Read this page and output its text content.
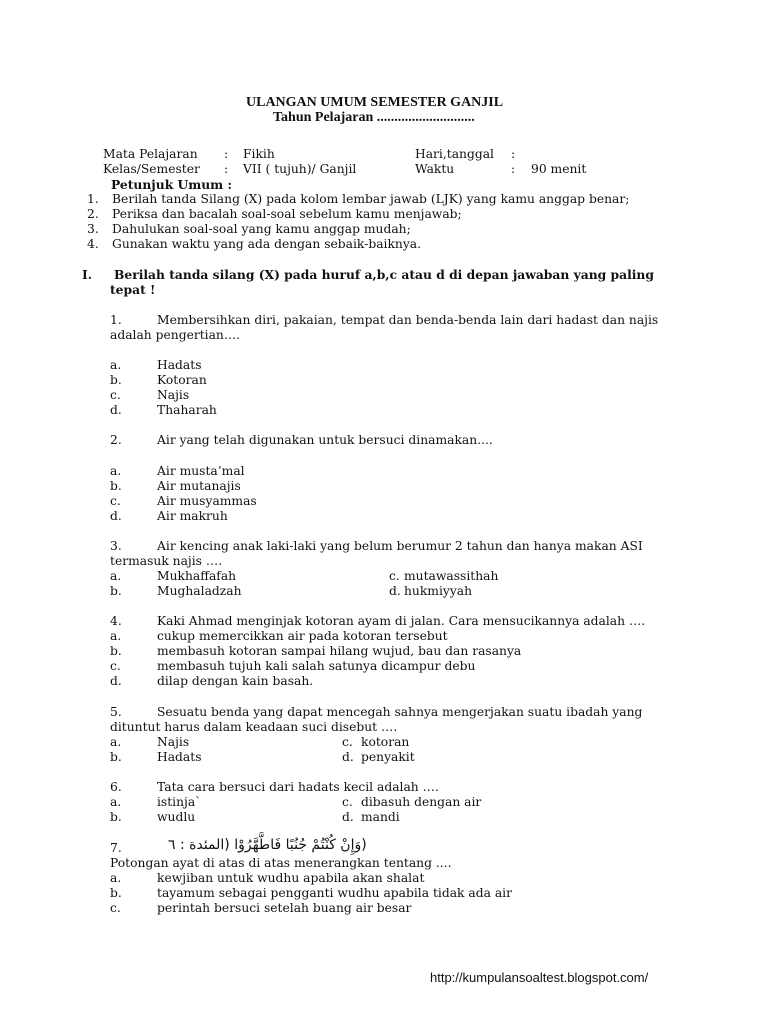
ULANGAN UMUM SEMESTER GANJIL
Tahun Pelajaran ............................
Mata Pelajaran : Fikih	Hari,tanggal :
Kelas/Semester : VII ( tujuh)/ Ganjil	Waktu	: 90 menit
Petunjuk Umum :
1. Berilah tanda Silang (X) pada kolom lembar jawab (LJK) yang kamu anggap benar;
2. Periksa dan bacalah soal-soal sebelum kamu menjawab;
3. Dahulukan soal-soal yang kamu anggap mudah;
4. Gunakan waktu yang ada dengan sebaik-baiknya.
I. Berilah tanda silang (X) pada huruf a,b,c atau d di depan jawaban yang paling
tepat !
1.	Membersihkan diri, pakaian, tempat dan benda-benda lain dari hadast dan najis
adalah pengertian….
a.	Hadats
b.	Kotoran
c.	Najis
d.	Thaharah
2.	Air yang telah digunakan untuk bersuci dinamakan....
a.	Air musta’mal
b.	Air mutanajis
c.	Air musyammas
d.	Air makruh
3.	Air kencing anak laki-laki yang belum berumur 2 tahun dan hanya makan ASI
termasuk najis ….
a.	Mukhaffafah
b.	Mughaladzah
c. mutawassithah
d. hukmiyyah
4.	Kaki Ahmad menginjak kotoran ayam di jalan. Cara mensucikannya adalah ….
a.	cukup memercikkan air pada kotoran tersebut
b.	membasuh kotoran sampai hilang wujud, bau dan rasanya
c.	membasuh tujuh kali salah satunya dicampur debu
d.	dilap dengan kain basah.
5.	Sesuatu benda yang dapat mencegah sahnya mengerjakan suatu ibadah yang
dituntut harus dalam keadaan suci disebut ….
a.	Najis
b.	Hadats
c. kotoran
d. penyakit
6.	Tata cara bersuci dari hadats kecil adalah ….
a.	istinja`
b.	wudlu
c. dibasuh dengan air
d. mandi
7.	(وَإِنْ كُنْتُمْ جُنُبًا فَاطَّهَّرُوْا (المئدة : ٦
Potongan ayat di atas di atas menerangkan tentang ....
a.	kewjiban untuk wudhu apabila akan shalat
b.	tayamum sebagai pengganti wudhu apabila tidak ada air
c.	perintah bersuci setelah buang air besar
http://kumpulansoaltest.blogspot.com/
